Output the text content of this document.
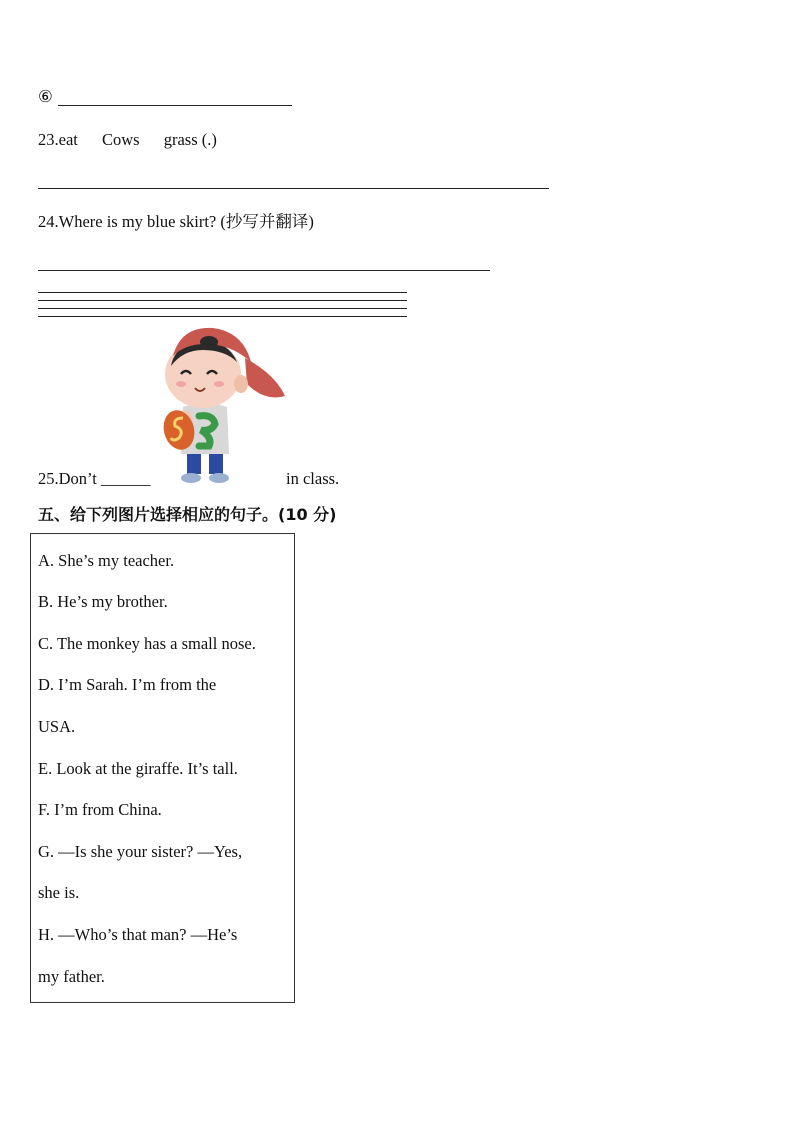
⑥
23.eat Cows grass (.)
24.Where is my blue skirt? (抄写并翻译)
25.Don’t ______	in class.
五、给下列图片选择相应的句子。(10 分)
A. She’s my teacher.
B. He’s my brother.
C. The monkey has a small nose.
D. I’m Sarah. I’m from the
USA.
E. Look at the giraffe. It’s tall.
F. I’m from China.
G. —Is she your sister? —Yes,
she is.
H. —Who’s that man? —He’s
my father.
